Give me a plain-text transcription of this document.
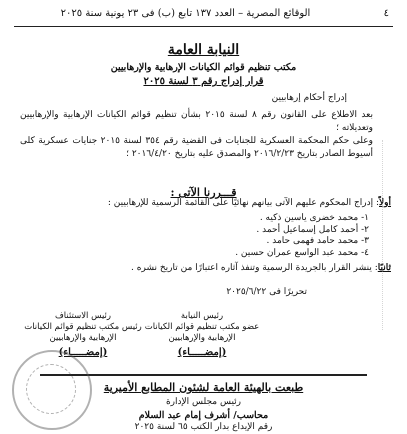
٤
الوقائع المصرية – العدد ١٣٧ تابع (ب) فى ٢٣ يونية سنة ٢٠٢٥
النيابة العامة
مكتب تنظيم قوائم الكيانات الإرهابية والإرهابيين
قرار إدراج رقم ٣ لسنة ٢٠٢٥
إدراج أحكام إرهابيين
بعد الاطلاع على القانون رقم ٨ لسنة ٢٠١٥ بشأن تنظيم قوائم الكيانات الإرهابية والإرهابيين وتعديلاته ؛
وعلى حكم المحكمة العسكرية للجنايات فى القضية رقم ٣٥٤ لسنة ٢٠١٥ جنايات عسكرية كلى أسيوط الصادر بتاريخ ٢٠١٦/٢/٢٣ والمصدق عليه بتاريخ ٢٠١٦/٤/٢٠ ؛
قـــررنا الآتى :
أولاً: إدراج المحكوم عليهم الآتى بيانهم نهائيًا على القائمة الرسمية للإرهابيين :
١- محمد خضرى ياسين ذكيه .
٢- أحمد كامل إسماعيل أحمد .
٣- محمد حامد فهمى حامد .
٤- محمد عبد الواسع عمران حسين .
ثانيًا: ينشر القرار بالجريدة الرسمية وتنفذ آثاره اعتبارًا من تاريخ نشره .
تحريرًا فى ٢٠٢٥/٦/٢٢
رئيس النيابة
عضو مكتب تنظيم قوائم الكيانات
الإرهابية والإرهابيين
(إمضـــــاء)
رئيس الاستئناف
رئيس مكتب تنظيم قوائم الكيانات
الإرهابية والإرهابيين
(إمضـــــاء)
طبعت بالهيئة العامة لشئون المطابع الأميرية
رئيس مجلس الإدارة
محاسب/ أشرف إمام عبد السلام
رقم الإيداع بدار الكتب ٦٥ لسنة ٢٠٢٥
